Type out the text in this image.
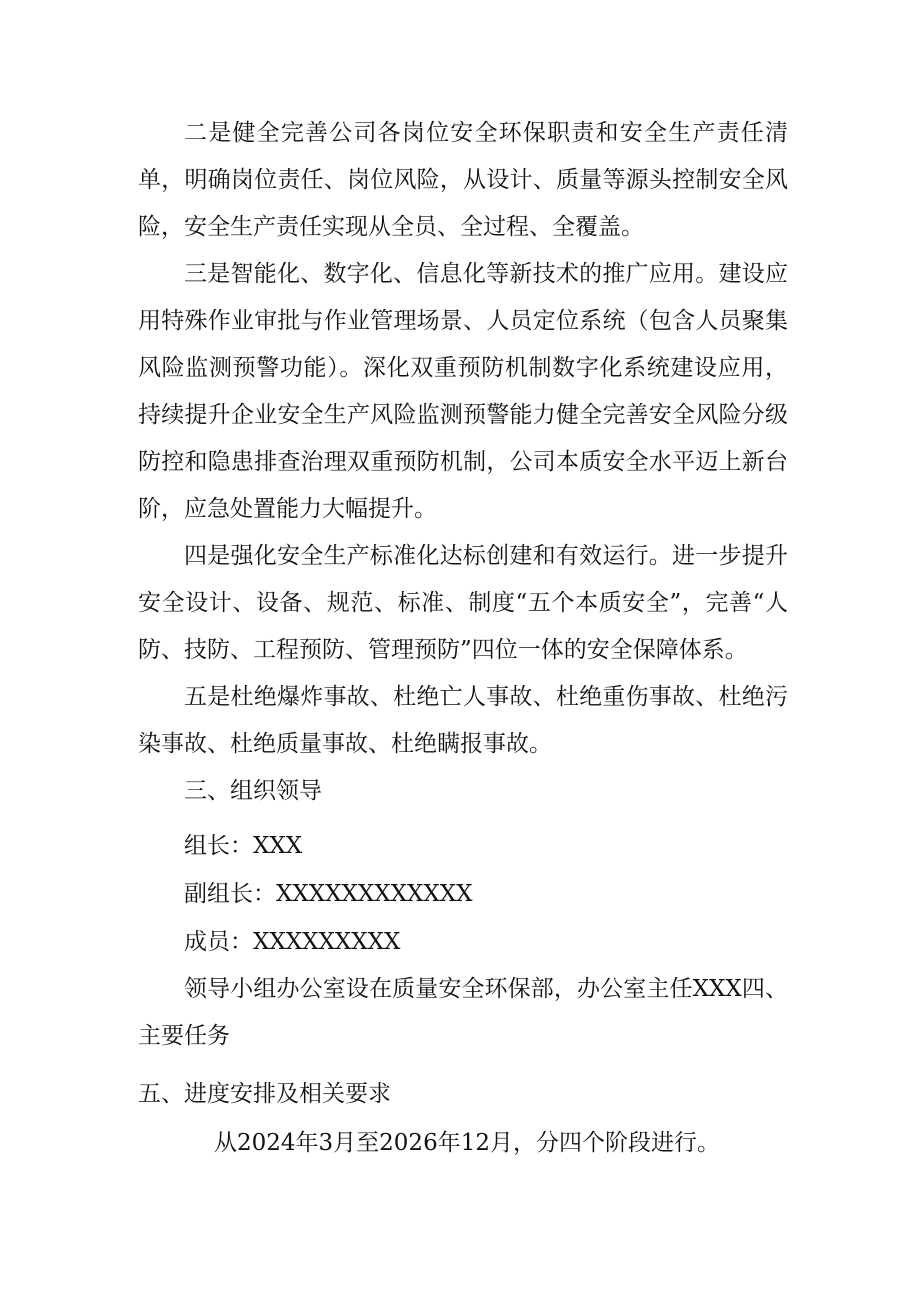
二是健全完善公司各岗位安全环保职责和安全生产责任清单，明确岗位责任、岗位风险，从设计、质量等源头控制安全风险，安全生产责任实现从全员、全过程、全覆盖。

三是智能化、数字化、信息化等新技术的推广应用。建设应用特殊作业审批与作业管理场景、人员定位系统（包含人员聚集风险监测预警功能）。深化双重预防机制数字化系统建设应用，持续提升企业安全生产风险监测预警能力健全完善安全风险分级防控和隐患排查治理双重预防机制，公司本质安全水平迈上新台阶，应急处置能力大幅提升。

四是强化安全生产标准化达标创建和有效运行。进一步提升安全设计、设备、规范、标准、制度“五个本质安全”，完善“人防、技防、工程预防、管理预防”四位一体的安全保障体系。

五是杜绝爆炸事故、杜绝亡人事故、杜绝重伤事故、杜绝污染事故、杜绝质量事故、杜绝瞒报事故。

三、组织领导

组长：XXX

副组长：XXXXXXXXXXXX

成员：XXXXXXXXX

领导小组办公室设在质量安全环保部，办公室主任XXX四、主要任务

五、进度安排及相关要求

从2024年3月至2026年12月，分四个阶段进行。
